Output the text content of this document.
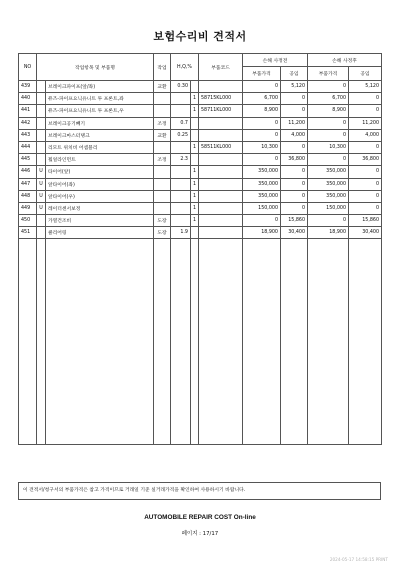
보험수리비 견적서
NO	작업항목 및 부품명		작업	H,Q,%		부품코드	손해 사정전		손해 사정후	
							부품가격	공임	부품가격	공임
439		브레이크파이프(앞/좌)	교환	0.30			0	5,120	0	5,120
440		퓨즈-파이프요닉유니트 투 프론트,좌			1	58715KL000	6,700	0	6,700	0
441		퓨즈-파이프요닉유니트 투 프론트,우			1	58711KL000	8,900	0	8,900	0
442		브레이크공기빼기	조정	0.7			0	11,200	0	11,200
443		브레이크마스터탱크	교환	0.25			0	4,000	0	4,000
444		리모트 위치비 어셈블리			1	58511KL000	10,300	0	10,300	0
445		휠얼라인먼트	조정	2.3			0	36,800	0	36,800
446	U	타이어(앞)			1		350,000	0	350,000	0
447	U	앞타이어(좌)			1		350,000	0	350,000	0
448	U	앞타이어(우)			1		350,000	0	350,000	0
449	U	레이더센서보정			1		150,000	0	150,000	0
450		가열건조비	도장		1		0	15,860	0	15,860
451		클리어링	도장	1.9			18,900	30,400	18,900	30,400

이 견적서/청구서의 부품가격은 참고 가격이므로 거래일 기준 실거래가격을 확인하여 사용하시기 바랍니다.
AUTOMOBILE REPAIR COST On-line
페이지 : 17/17
2024-05-17 14:58:15 PRINT
